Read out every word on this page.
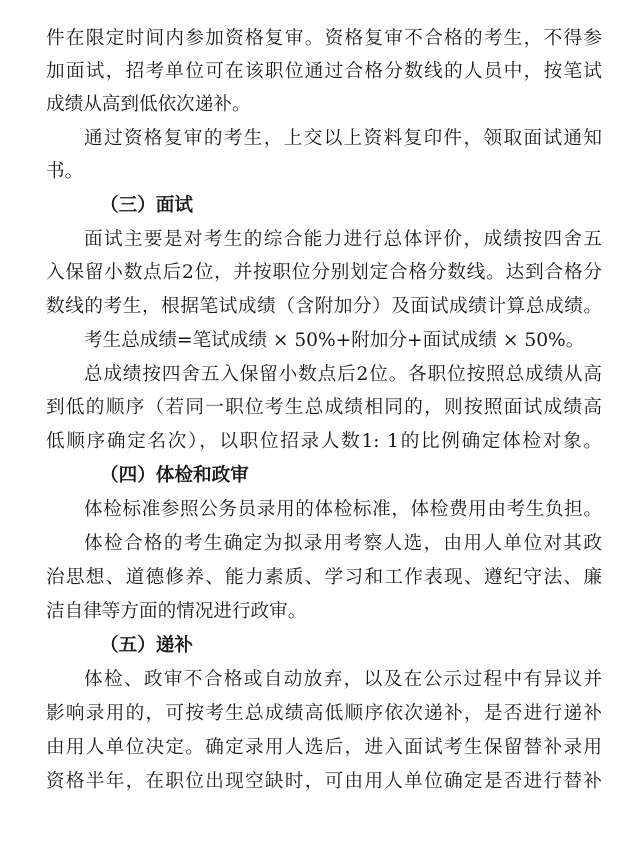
件在限定时间内参加资格复审。资格复审不合格的考生，不得参
加面试，招考单位可在该职位通过合格分数线的人员中，按笔试
成绩从高到低依次递补。
通过资格复审的考生，上交以上资料复印件，领取面试通知
书。
（三）面试
面试主要是对考生的综合能力进行总体评价，成绩按四舍五
入保留小数点后2位，并按职位分别划定合格分数线。达到合格分
数线的考生，根据笔试成绩（含附加分）及面试成绩计算总成绩。
考生总成绩=笔试成绩 × 50%+附加分+面试成绩 × 50%。
总成绩按四舍五入保留小数点后2位。各职位按照总成绩从高
到低的顺序（若同一职位考生总成绩相同的，则按照面试成绩高
低顺序确定名次），以职位招录人数1: 1的比例确定体检对象。
（四）体检和政审
体检标准参照公务员录用的体检标准，体检费用由考生负担。
体检合格的考生确定为拟录用考察人选，由用人单位对其政
治思想、道德修养、能力素质、学习和工作表现、遵纪守法、廉
洁自律等方面的情况进行政审。
（五）递补
体检、政审不合格或自动放弃，以及在公示过程中有异议并
影响录用的，可按考生总成绩高低顺序依次递补，是否进行递补
由用人单位决定。确定录用人选后，进入面试考生保留替补录用
资格半年，在职位出现空缺时，可由用人单位确定是否进行替补
